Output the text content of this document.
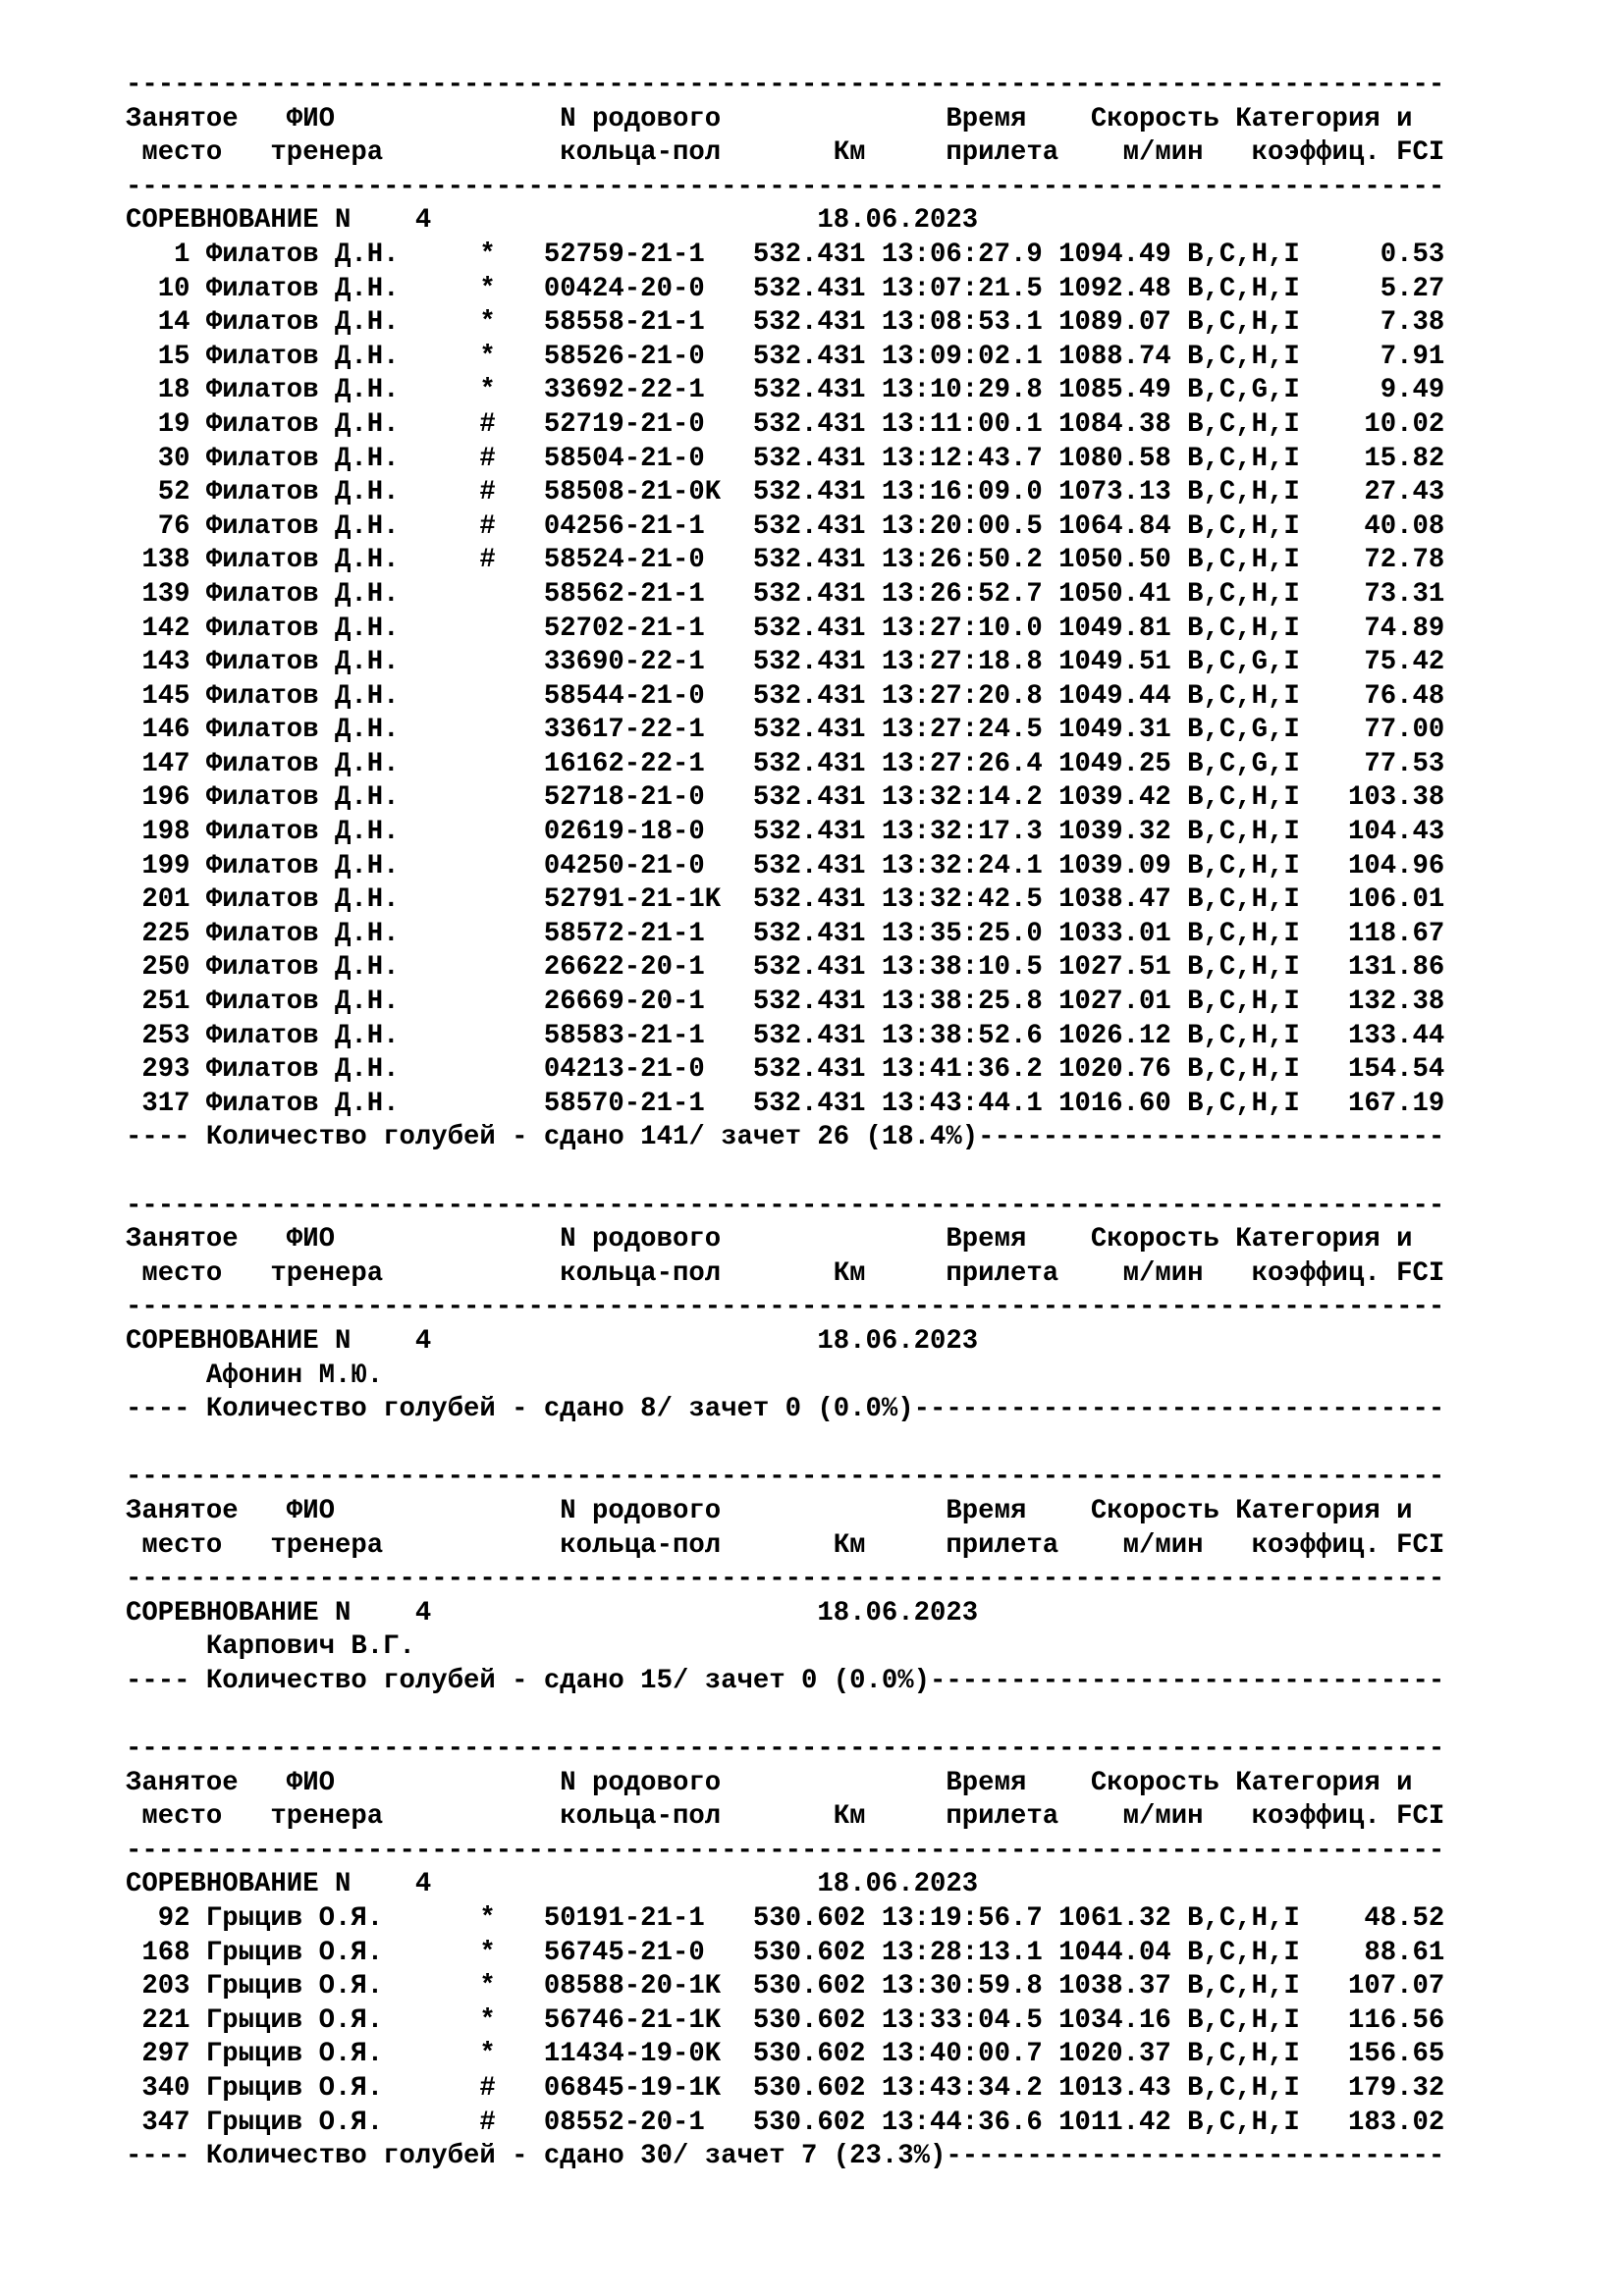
----------------------------------------------------------------------------------
Занятое   ФИО              N родового              Время    Скорость Категория и
место   тренера           кольца-пол       Км     прилета    м/мин   коэффиц. FCI
----------------------------------------------------------------------------------
СОРЕВНОВАНИЕ N    4                        18.06.2023
1 Филатов Д.Н.     *   52759-21-1   532.431 13:06:27.9 1094.49 B,C,H,I     0.53
10 Филатов Д.Н.     *   00424-20-0   532.431 13:07:21.5 1092.48 B,C,H,I     5.27
14 Филатов Д.Н.     *   58558-21-1   532.431 13:08:53.1 1089.07 B,C,H,I     7.38
15 Филатов Д.Н.     *   58526-21-0   532.431 13:09:02.1 1088.74 B,C,H,I     7.91
18 Филатов Д.Н.     *   33692-22-1   532.431 13:10:29.8 1085.49 B,C,G,I     9.49
19 Филатов Д.Н.     #   52719-21-0   532.431 13:11:00.1 1084.38 B,C,H,I    10.02
30 Филатов Д.Н.     #   58504-21-0   532.431 13:12:43.7 1080.58 B,C,H,I    15.82
52 Филатов Д.Н.     #   58508-21-0K  532.431 13:16:09.0 1073.13 B,C,H,I    27.43
76 Филатов Д.Н.     #   04256-21-1   532.431 13:20:00.5 1064.84 B,C,H,I    40.08
138 Филатов Д.Н.     #   58524-21-0   532.431 13:26:50.2 1050.50 B,C,H,I    72.78
139 Филатов Д.Н.         58562-21-1   532.431 13:26:52.7 1050.41 B,C,H,I    73.31
142 Филатов Д.Н.         52702-21-1   532.431 13:27:10.0 1049.81 B,C,H,I    74.89
143 Филатов Д.Н.         33690-22-1   532.431 13:27:18.8 1049.51 B,C,G,I    75.42
145 Филатов Д.Н.         58544-21-0   532.431 13:27:20.8 1049.44 B,C,H,I    76.48
146 Филатов Д.Н.         33617-22-1   532.431 13:27:24.5 1049.31 B,C,G,I    77.00
147 Филатов Д.Н.         16162-22-1   532.431 13:27:26.4 1049.25 B,C,G,I    77.53
196 Филатов Д.Н.         52718-21-0   532.431 13:32:14.2 1039.42 B,C,H,I   103.38
198 Филатов Д.Н.         02619-18-0   532.431 13:32:17.3 1039.32 B,C,H,I   104.43
199 Филатов Д.Н.         04250-21-0   532.431 13:32:24.1 1039.09 B,C,H,I   104.96
201 Филатов Д.Н.         52791-21-1K  532.431 13:32:42.5 1038.47 B,C,H,I   106.01
225 Филатов Д.Н.         58572-21-1   532.431 13:35:25.0 1033.01 B,C,H,I   118.67
250 Филатов Д.Н.         26622-20-1   532.431 13:38:10.5 1027.51 B,C,H,I   131.86
251 Филатов Д.Н.         26669-20-1   532.431 13:38:25.8 1027.01 B,C,H,I   132.38
253 Филатов Д.Н.         58583-21-1   532.431 13:38:52.6 1026.12 B,C,H,I   133.44
293 Филатов Д.Н.         04213-21-0   532.431 13:41:36.2 1020.76 B,C,H,I   154.54
317 Филатов Д.Н.         58570-21-1   532.431 13:43:44.1 1016.60 B,C,H,I   167.19
---- Количество голубей - сдано 141/ зачет 26 (18.4%)-----------------------------
----------------------------------------------------------------------------------
Занятое   ФИО              N родового              Время    Скорость Категория и
место   тренера           кольца-пол       Км     прилета    м/мин   коэффиц. FCI
----------------------------------------------------------------------------------
СОРЕВНОВАНИЕ N    4                        18.06.2023
Афонин М.Ю.
---- Количество голубей - сдано 8/ зачет 0 (0.0%)---------------------------------
----------------------------------------------------------------------------------
Занятое   ФИО              N родового              Время    Скорость Категория и
место   тренера           кольца-пол       Км     прилета    м/мин   коэффиц. FCI
----------------------------------------------------------------------------------
СОРЕВНОВАНИЕ N    4                        18.06.2023
Карпович В.Г.
---- Количество голубей - сдано 15/ зачет 0 (0.0%)--------------------------------
----------------------------------------------------------------------------------
Занятое   ФИО              N родового              Время    Скорость Категория и
место   тренера           кольца-пол       Км     прилета    м/мин   коэффиц. FCI
----------------------------------------------------------------------------------
СОРЕВНОВАНИЕ N    4                        18.06.2023
92 Грыцив О.Я.      *   50191-21-1   530.602 13:19:56.7 1061.32 B,C,H,I    48.52
168 Грыцив О.Я.      *   56745-21-0   530.602 13:28:13.1 1044.04 B,C,H,I    88.61
203 Грыцив О.Я.      *   08588-20-1K  530.602 13:30:59.8 1038.37 B,C,H,I   107.07
221 Грыцив О.Я.      *   56746-21-1K  530.602 13:33:04.5 1034.16 B,C,H,I   116.56
297 Грыцив О.Я.      *   11434-19-0K  530.602 13:40:00.7 1020.37 B,C,H,I   156.65
340 Грыцив О.Я.      #   06845-19-1K  530.602 13:43:34.2 1013.43 B,C,H,I   179.32
347 Грыцив О.Я.      #   08552-20-1   530.602 13:44:36.6 1011.42 B,C,H,I   183.02
---- Количество голубей - сдано 30/ зачет 7 (23.3%)-------------------------------
